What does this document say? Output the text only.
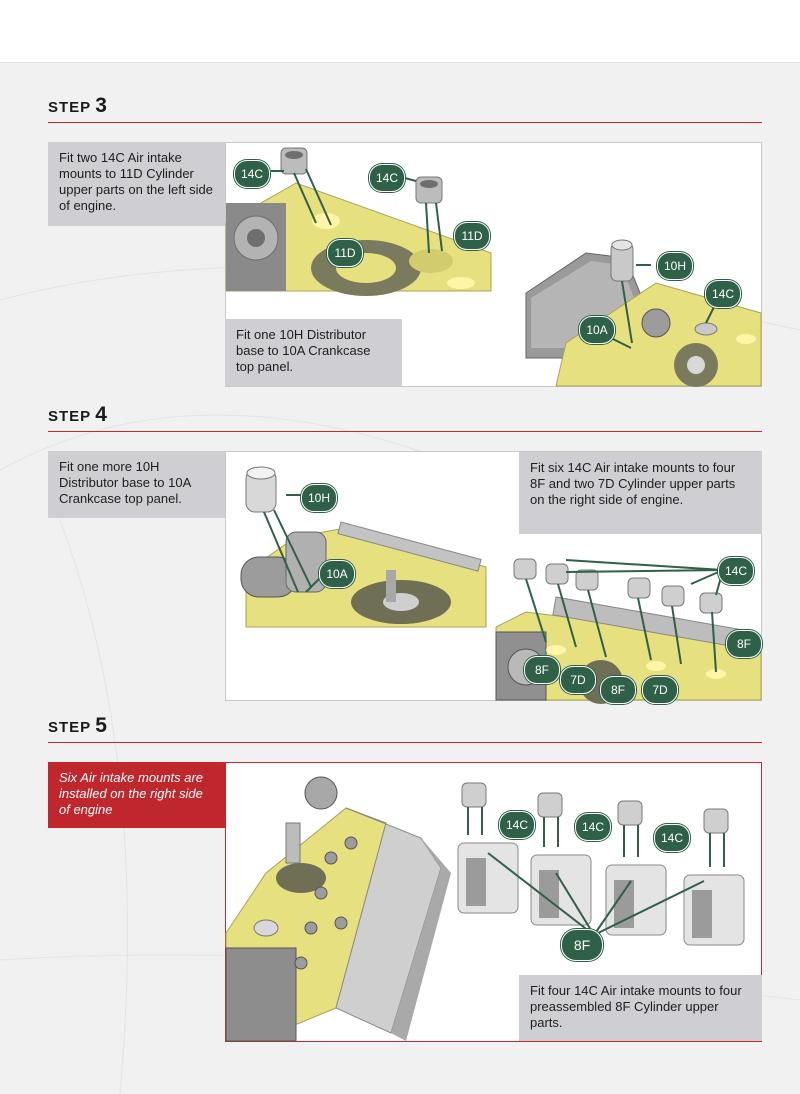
STEP 3
14C	14C
11D
11D
10H
14C
10A
Fit one 10H Distributor base to 10A Crankcase top panel.
Fit two 14C Air intake mounts to 11D Cylinder upper parts on the left side of engine.
STEP 4
10H
10A	14C
8F
8F
7D
8F	7D
Fit six 14C Air intake mounts to four 8F and two 7D Cylinder upper parts on the right side of engine.
Fit one more 10H Distributor base to 10A Crankcase top panel.
STEP 5
14C	14C
14C
8F
Fit four 14C Air intake mounts to four preassembled 8F Cylinder upper parts.
Six Air intake mounts are installed on the right side of engine
